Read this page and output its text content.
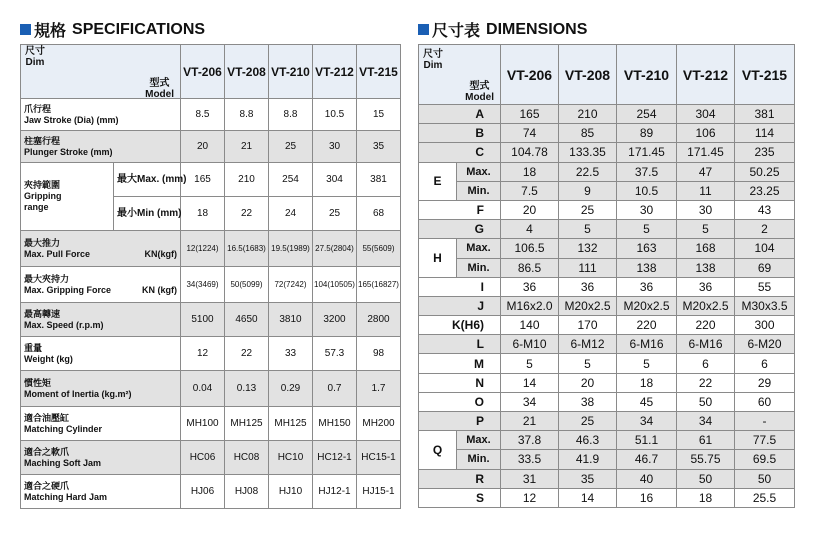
規格 SPECIFICATIONS
型式
Model
尺寸
Dim		VT-206	VT-208	VT-210	VT-212	VT-215

爪行程
Jaw Stroke (Dia) (mm)		8.5	8.8	8.8	10.5	15

柱塞行程
Plunger Stroke (mm)		20	21	25	30	35

夾持範圍
Gripping
range	最大Max. (mm)	165	210	254	304	381
	最小Min (mm)	18	22	24	25	68

最大推力
KN(kgf)
Max. Pull Force		12(1224)	16.5(1683)	19.5(1989)	27.5(2804)	55(5609)

最大夾持力
KN (kgf)
Max. Gripping Force		34(3469)	50(5099)	72(7242)	104(10505)	165(16827)

最高轉速
Max. Speed (r.p.m)		5100	4650	3810	3200	2800

重量
Weight (kg)		12	22	33	57.3	98

慣性矩
Moment of Inertia (kg.m²)		0.04	0.13	0.29	0.7	1.7

適合油壓缸
Matching Cylinder		MH100	MH125	MH125	MH150	MH200

適合之軟爪
Maching Soft Jam		HC06	HC08	HC10	HC12-1	HC15-1

適合之硬爪
Matching Hard Jam		HJ06	HJ08	HJ10	HJ12-1	HJ15-1
尺寸表 DIMENSIONS
型式
Model
尺寸
Dim		VT-206	VT-208	VT-210	VT-212	VT-215
A		165	210	254	304	381
B		74	85	89	106	114
C		104.78	133.35	171.45	171.45	235
E	Max.	18	22.5	37.5	47	50.25
	Min.	7.5	9	10.5	11	23.25
F		20	25	30	30	43
G		4	5	5	5	2
H	Max.	106.5	132	163	168	104
	Min.	86.5	111	138	138	69
I		36	36	36	36	55
J		M16x2.0	M20x2.5	M20x2.5	M20x2.5	M30x3.5
K(H6)		140	170	220	220	300
L		6-M10	6-M12	6-M16	6-M16	6-M20
M		5	5	5	6	6
N		14	20	18	22	29
O		34	38	45	50	60
P		21	25	34	34	-
Q	Max.	37.8	46.3	51.1	61	77.5
	Min.	33.5	41.9	46.7	55.75	69.5
R		31	35	40	50	50
S		12	14	16	18	25.5
